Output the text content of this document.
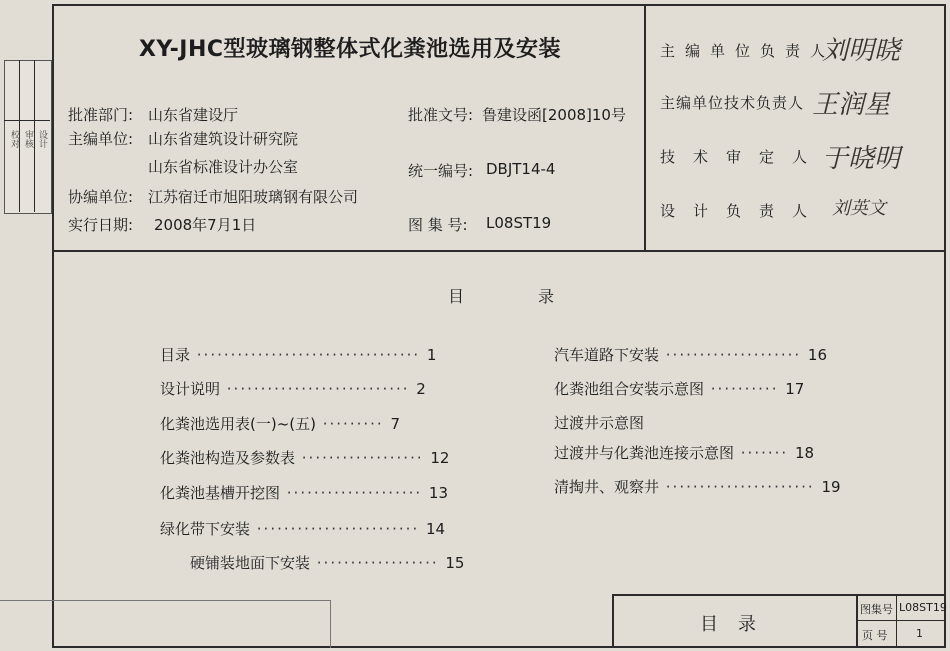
校对 审核 设计
XY-JHC型玻璃钢整体式化粪池选用及安装
批准部门: 山东省建设厅
主编单位: 山东省建筑设计研究院
山东省标准设计办公室
协编单位: 江苏宿迁市旭阳玻璃钢有限公司
实行日期: 2008年7月1日
批准文号: 鲁建设函[2008]10号
统一编号: DBJT14-4
图 集 号: L08ST19
主编单位负责人
刘明晓
主编单位技术负责人 王润星
技术审定人
于晓明
设计负责人 刘英文
目	录
目录 ································· 1
设计说明 ··························· 2
化粪池选用表(一)~(五) ········· 7
化粪池构造及参数表 ·················· 12
化粪池基槽开挖图 ···················· 13
绿化带下安装 ························ 14
硬铺装地面下安装 ·················· 15
汽车道路下安装 ···················· 16
化粪池组合安装示意图 ·········· 17
过渡井示意图
过渡井与化粪池连接示意图 ······· 18
清掏井、观察井 ······················ 19
目录
图集号 L08ST19
页 号	1
